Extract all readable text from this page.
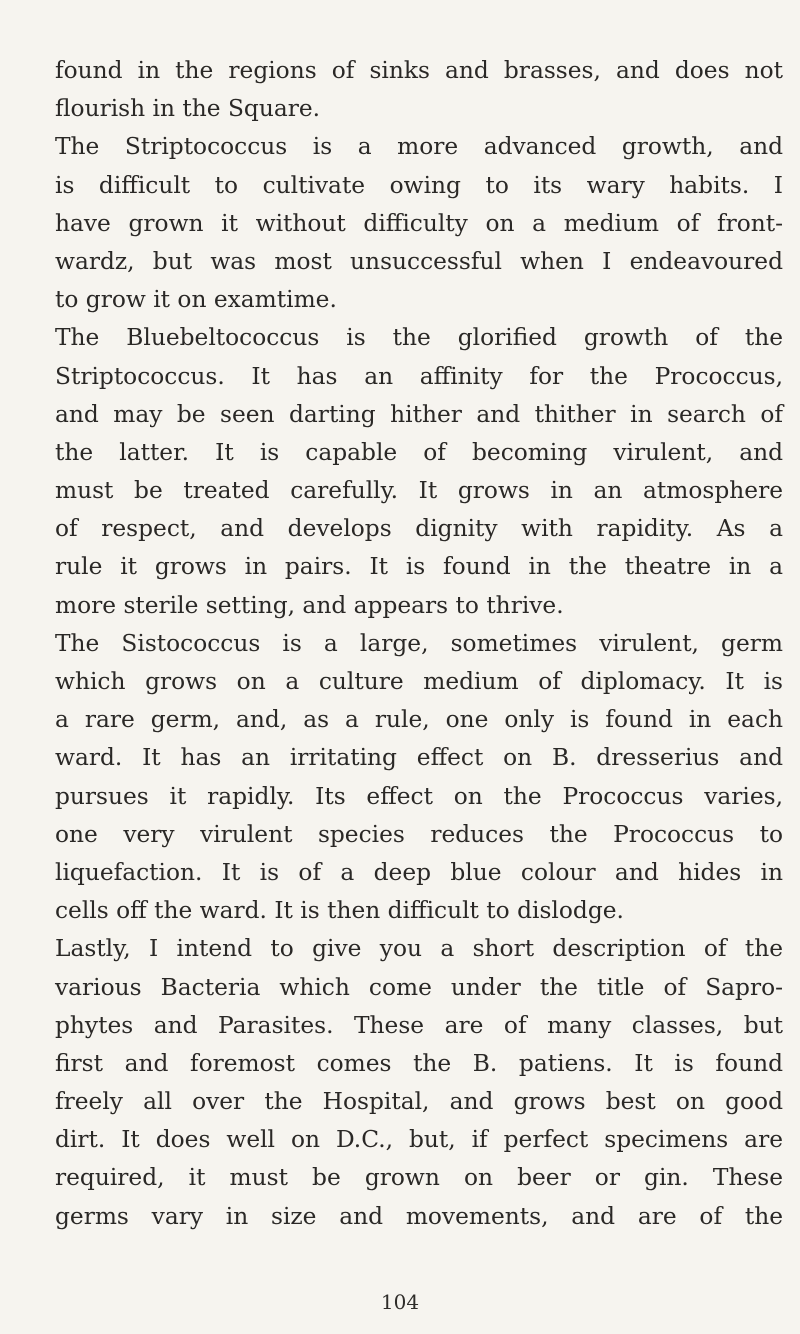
found in the regions of sinks and brasses, and does not
flourish in the Square.
The Striptococcus is a more advanced growth, and
is difficult to cultivate owing to its wary habits. I
have grown it without difficulty on a medium of front-
wardz, but was most unsuccessful when I endeavoured
to grow it on examtime.
The Bluebeltococcus is the glorified growth of the
Striptococcus. It has an affinity for the Prococcus,
and may be seen darting hither and thither in search of
the latter. It is capable of becoming virulent, and
must be treated carefully. It grows in an atmosphere
of respect, and develops dignity with rapidity. As a
rule it grows in pairs. It is found in the theatre in a
more sterile setting, and appears to thrive.
The Sistococcus is a large, sometimes virulent, germ
which grows on a culture medium of diplomacy. It is
a rare germ, and, as a rule, one only is found in each
ward. It has an irritating effect on B. dresserius and
pursues it rapidly. Its effect on the Prococcus varies,
one very virulent species reduces the Prococcus to
liquefaction. It is of a deep blue colour and hides in
cells off the ward. It is then difficult to dislodge.
Lastly, I intend to give you a short description of the
various Bacteria which come under the title of Sapro-
phytes and Parasites. These are of many classes, but
first and foremost comes the B. patiens. It is found
freely all over the Hospital, and grows best on good
dirt. It does well on D.C., but, if perfect specimens are
required, it must be grown on beer or gin. These
germs vary in size and movements, and are of the
104
